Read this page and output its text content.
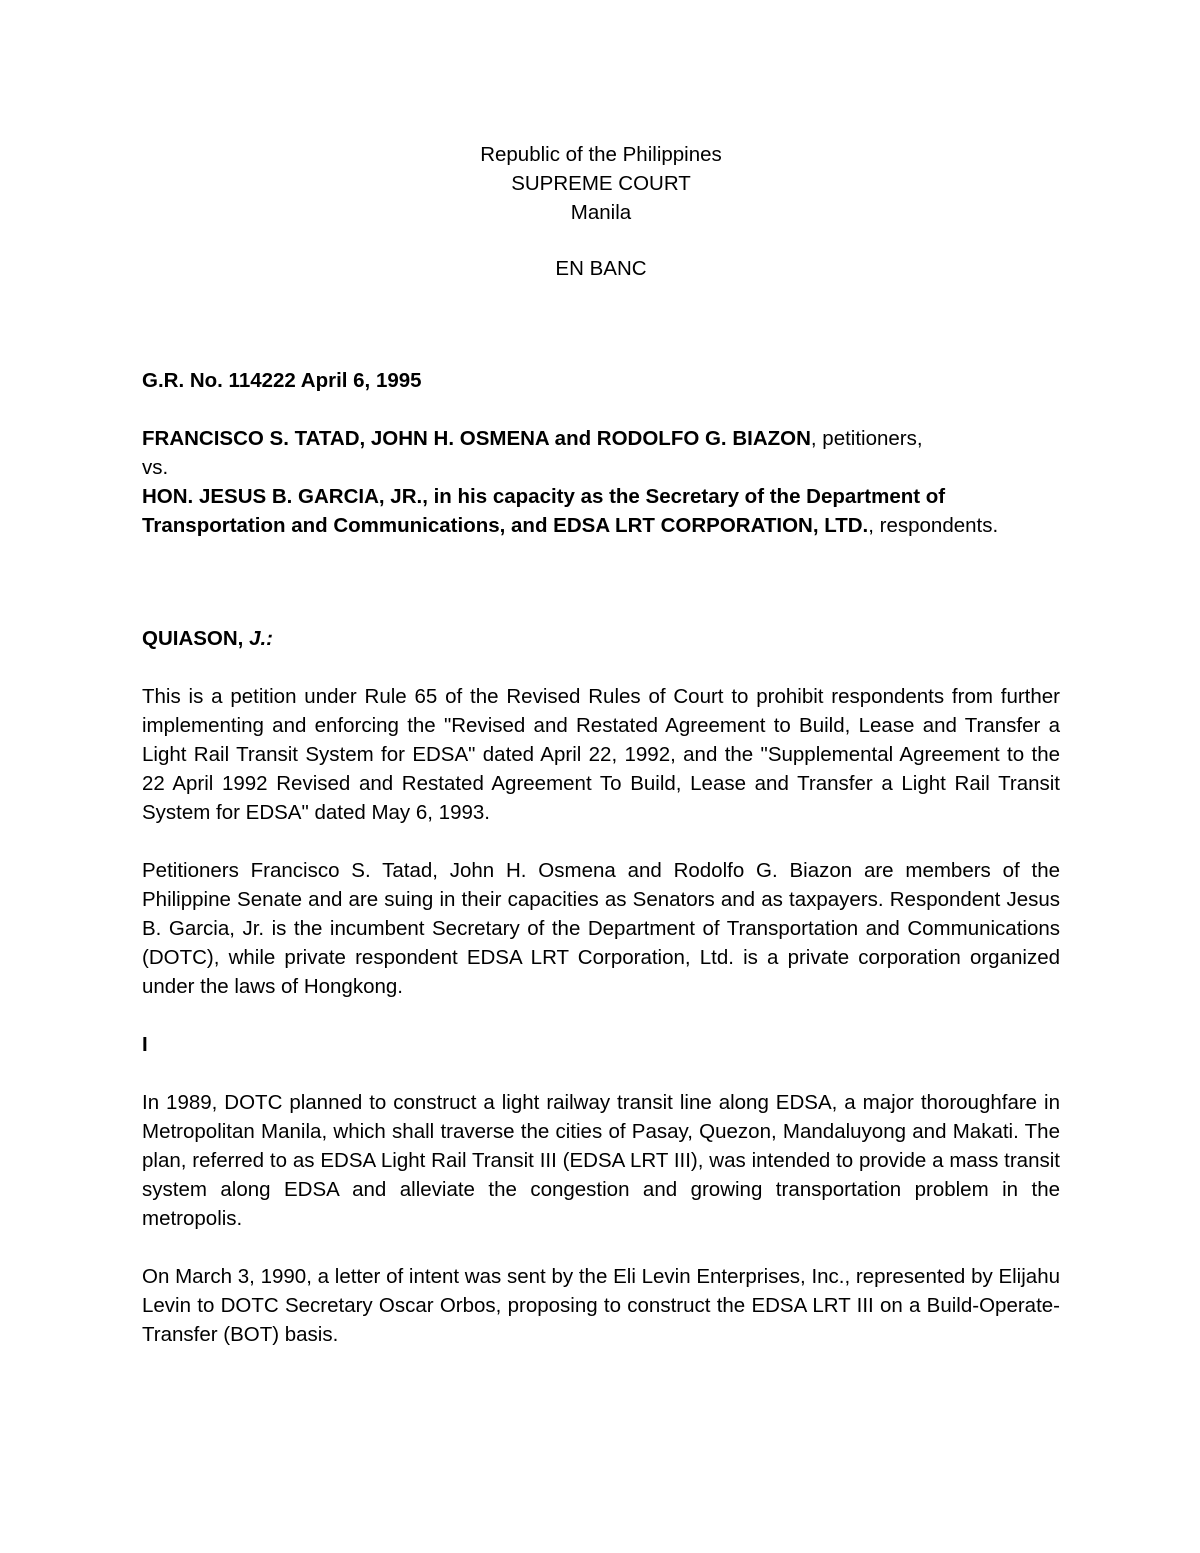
Republic of the Philippines

SUPREME COURT

Manila

EN BANC

G.R. No. 114222 April 6, 1995

FRANCISCO S. TATAD, JOHN H. OSMENA and RODOLFO G. BIAZON, petitioners,
vs.
HON. JESUS B. GARCIA, JR., in his capacity as the Secretary of the Department of Transportation and Communications, and EDSA LRT CORPORATION, LTD., respondents.

QUIASON, J.:

This is a petition under Rule 65 of the Revised Rules of Court to prohibit respondents from further implementing and enforcing the "Revised and Restated Agreement to Build, Lease and Transfer a Light Rail Transit System for EDSA" dated April 22, 1992, and the "Supplemental Agreement to the 22 April 1992 Revised and Restated Agreement To Build, Lease and Transfer a Light Rail Transit System for EDSA" dated May 6, 1993.

Petitioners Francisco S. Tatad, John H. Osmena and Rodolfo G. Biazon are members of the Philippine Senate and are suing in their capacities as Senators and as taxpayers. Respondent Jesus B. Garcia, Jr. is the incumbent Secretary of the Department of Transportation and Communications (DOTC), while private respondent EDSA LRT Corporation, Ltd. is a private corporation organized under the laws of Hongkong.

I

In 1989, DOTC planned to construct a light railway transit line along EDSA, a major thoroughfare in Metropolitan Manila, which shall traverse the cities of Pasay, Quezon, Mandaluyong and Makati. The plan, referred to as EDSA Light Rail Transit III (EDSA LRT III), was intended to provide a mass transit system along EDSA and alleviate the congestion and growing transportation problem in the metropolis.

On March 3, 1990, a letter of intent was sent by the Eli Levin Enterprises, Inc., represented by Elijahu Levin to DOTC Secretary Oscar Orbos, proposing to construct the EDSA LRT III on a Build-Operate-Transfer (BOT) basis.
